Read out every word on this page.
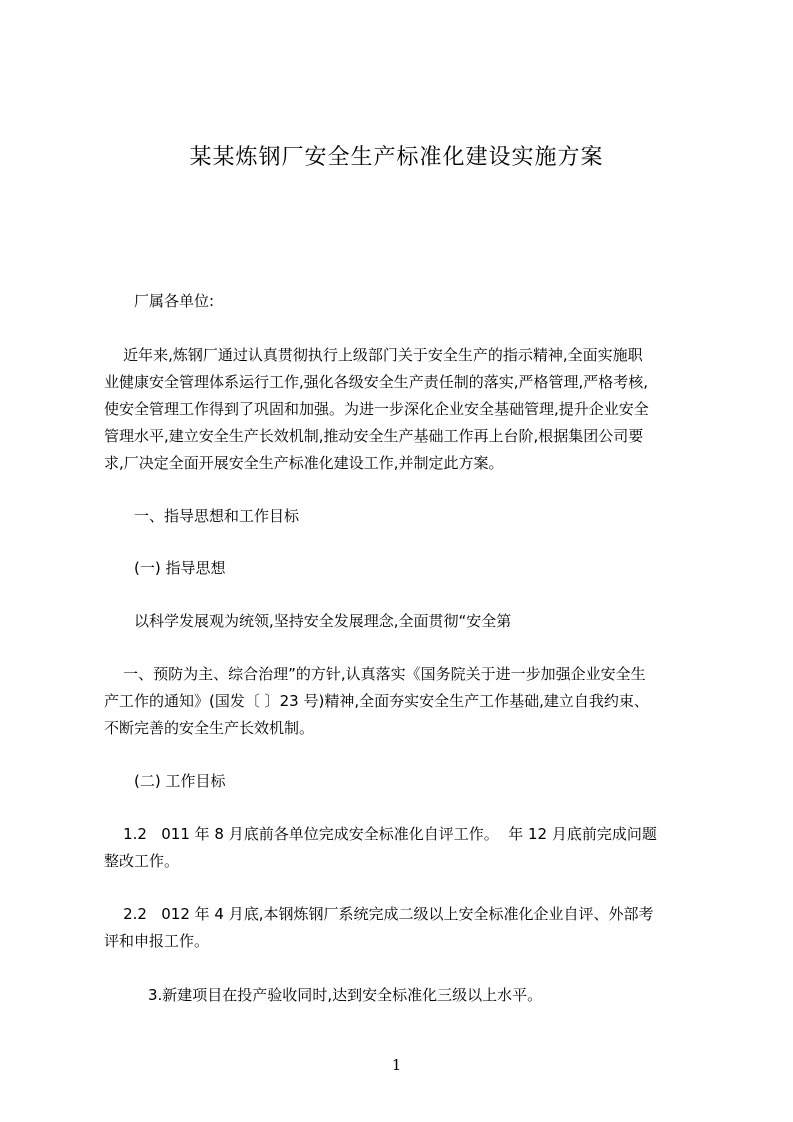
某某炼钢厂安全生产标准化建设实施方案
厂属各单位:
近年来,炼钢厂通过认真贯彻执行上级部门关于安全生产的指示精神,全面实施职
业健康安全管理体系运行工作,强化各级安全生产责任制的落实,严格管理,严格考核,
使安全管理工作得到了巩固和加强。为进一步深化企业安全基础管理,提升企业安全
管理水平,建立安全生产长效机制,推动安全生产基础工作再上台阶,根据集团公司要
求,厂决定全面开展安全生产标准化建设工作,并制定此方案。
一、指导思想和工作目标
(一) 指导思想
以科学发展观为统领,坚持安全发展理念,全面贯彻“安全第
一、预防为主、综合治理”的方针,认真落实《国务院关于进一步加强企业安全生
产工作的通知》(国发〔 〕23 号)精神,全面夯实安全生产工作基础,建立自我约束、
不断完善的安全生产长效机制。
(二) 工作目标
1.2   011 年 8 月底前各单位完成安全标准化自评工作。  年 12 月底前完成问题
整改工作。
2.2   012 年 4 月底,本钢炼钢厂系统完成二级以上安全标准化企业自评、外部考
评和申报工作。
3.新建项目在投产验收同时,达到安全标准化三级以上水平。
1
